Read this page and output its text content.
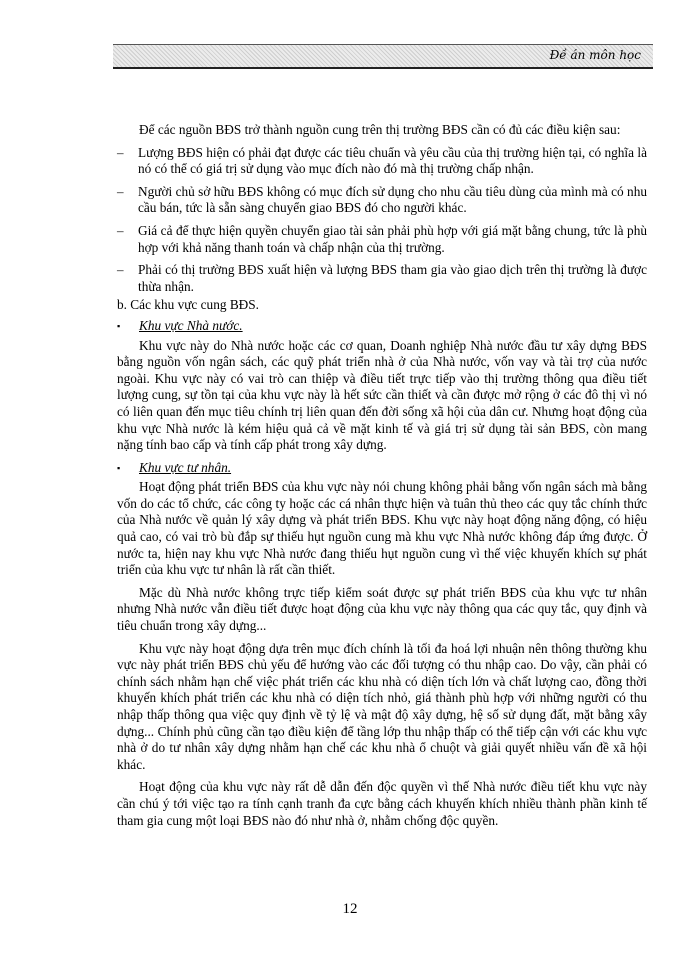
Đề án môn học

Để các nguồn BĐS trở thành nguồn cung trên thị trường BĐS cần có đủ các điều kiện sau:

–	Lượng BĐS hiện có phải đạt được các tiêu chuẩn và yêu cầu của thị trường hiện tại, có nghĩa là nó có thể có giá trị sử dụng vào mục đích nào đó mà thị trường chấp nhận.
–	Người chủ sở hữu BĐS không có mục đích sử dụng cho nhu cầu tiêu dùng của mình mà có nhu cầu bán, tức là sẵn sàng chuyển giao BĐS đó cho người khác.
–	Giá cả để thực hiện quyền chuyển giao tài sản phải phù hợp với giá mặt bằng chung, tức là phù hợp với khả năng thanh toán và chấp nhận của thị trường.
–	Phải có thị trường BĐS xuất hiện và lượng BĐS tham gia vào giao dịch trên thị trường là được thừa nhận.

b. Các khu vực cung BĐS.

▪	Khu vực Nhà nước.

Khu vực này do Nhà nước hoặc các cơ quan, Doanh nghiệp Nhà nước đầu tư xây dựng BĐS bằng nguồn vốn ngân sách, các quỹ phát triển nhà ở của Nhà nước, vốn vay và tài trợ của nước ngoài. Khu vực này có vai trò can thiệp và điều tiết trực tiếp vào thị trường thông qua điều tiết lượng cung, sự tồn tại của khu vực này là hết sức cần thiết và cần được mở rộng ở các đô thị vì nó có liên quan đến mục tiêu chính trị liên quan đến đời sống xã hội của dân cư. Nhưng hoạt động của khu vực Nhà nước là kém hiệu quả cả về mặt kinh tế và giá trị sử dụng tài sản BĐS, còn mang nặng tính bao cấp và tính cấp phát trong xây dựng.

▪	Khu vực tư nhân.

Hoạt động phát triển BĐS của khu vực này nói chung không phải bằng vốn ngân sách mà bằng vốn do các tổ chức, các công ty hoặc các cá nhân thực hiện và tuân thủ theo các quy tắc chính thức của Nhà nước về quản lý xây dựng và phát triển BĐS. Khu vực này hoạt động năng động, có hiệu quả cao, có vai trò bù đắp sự thiếu hụt nguồn cung mà khu vực Nhà nước không đáp ứng được. Ở nước ta, hiện nay khu vực Nhà nước đang thiếu hụt nguồn cung vì thế việc khuyến khích sự phát triển của khu vực tư nhân là rất cần thiết.

Mặc dù Nhà nước không trực tiếp kiểm soát được sự phát triển BĐS của khu vực tư nhân nhưng Nhà nước vẫn điều tiết được hoạt động của khu vực này thông qua các quy tắc, quy định và tiêu chuẩn trong xây dựng...

Khu vực này hoạt động dựa trên mục đích chính là tối đa hoá lợi nhuận nên thông thường khu vực này phát triển BĐS chủ yếu để hướng vào các đối tượng có thu nhập cao. Do vậy, cần phải có chính sách nhằm hạn chế việc phát triển các khu nhà có diện tích lớn và chất lượng cao, đồng thời khuyến khích phát triển các khu nhà có diện tích nhỏ, giá thành phù hợp với những người có thu nhập thấp thông qua việc quy định về tỷ lệ và mật độ xây dựng, hệ số sử dụng đất, mặt bằng xây dựng... Chính phủ cũng cần tạo điều kiện để tầng lớp thu nhập thấp có thể tiếp cận với các khu vực nhà ở do tư nhân xây dựng nhằm hạn chế các khu nhà ổ chuột và giải quyết nhiều vấn đề xã hội khác.

Hoạt động của khu vực này rất dễ dẫn đến độc quyền vì thế Nhà nước điều tiết khu vực này cần chú ý tới việc tạo ra tính cạnh tranh đa cực bằng cách khuyến khích nhiều thành phần kinh tế tham gia cung một loại BĐS nào đó như nhà ở, nhằm chống độc quyền.

12
